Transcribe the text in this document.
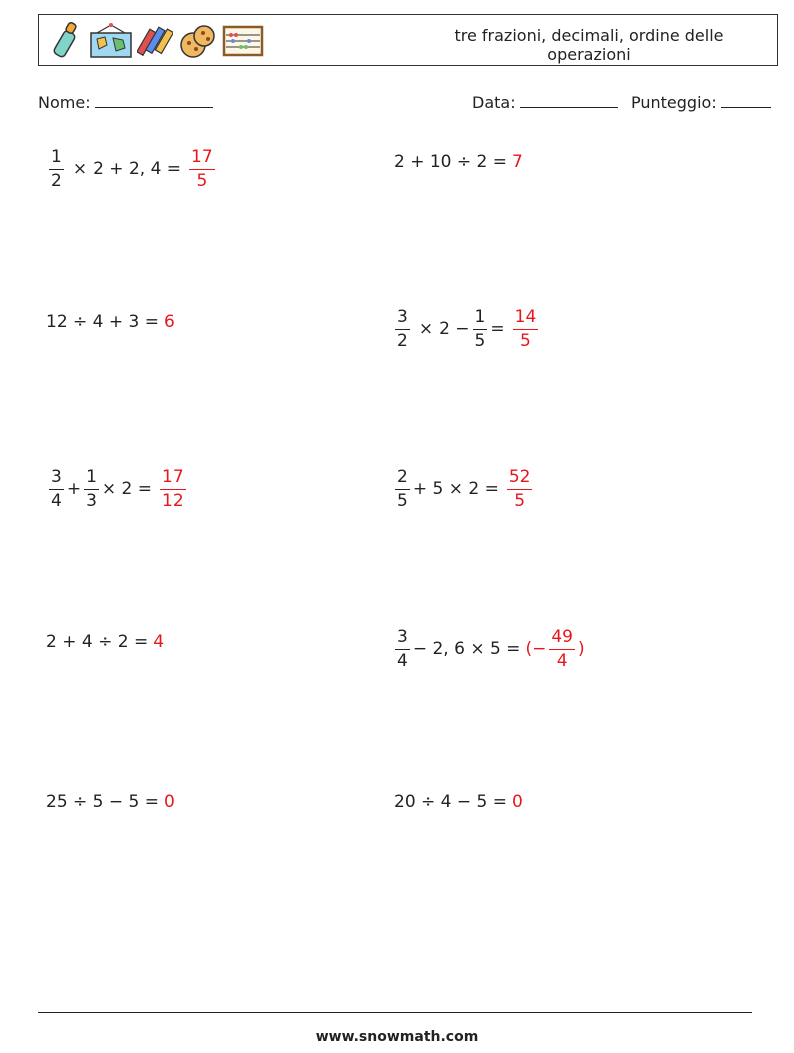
tre frazioni, decimali, ordine delle operazioni
Nome:	Data:	Punteggio:
$\frac{1}{2} \times 2 + 2$, $4 = \frac{17}{5}$	2 + 10 ÷ 2 = 7
12 ÷ 4 + 3 = 6	$\frac{3}{2} \times 2 - \frac{1}{5} = \frac{14}{5}$
$\frac{3}{4} + \frac{1}{3} \times 2 = \frac{17}{12}$	$\frac{2}{5} + 5 \times 2 = \frac{52}{5}$
2 + 4 ÷ 2 = 4	$\frac{3}{4} - 2$, 6 × 5 = (− $\frac{49}{4}$ )
25 ÷ 5 − 5 = 0	20 ÷ 4 − 5 = 0
www.snowmath.com
